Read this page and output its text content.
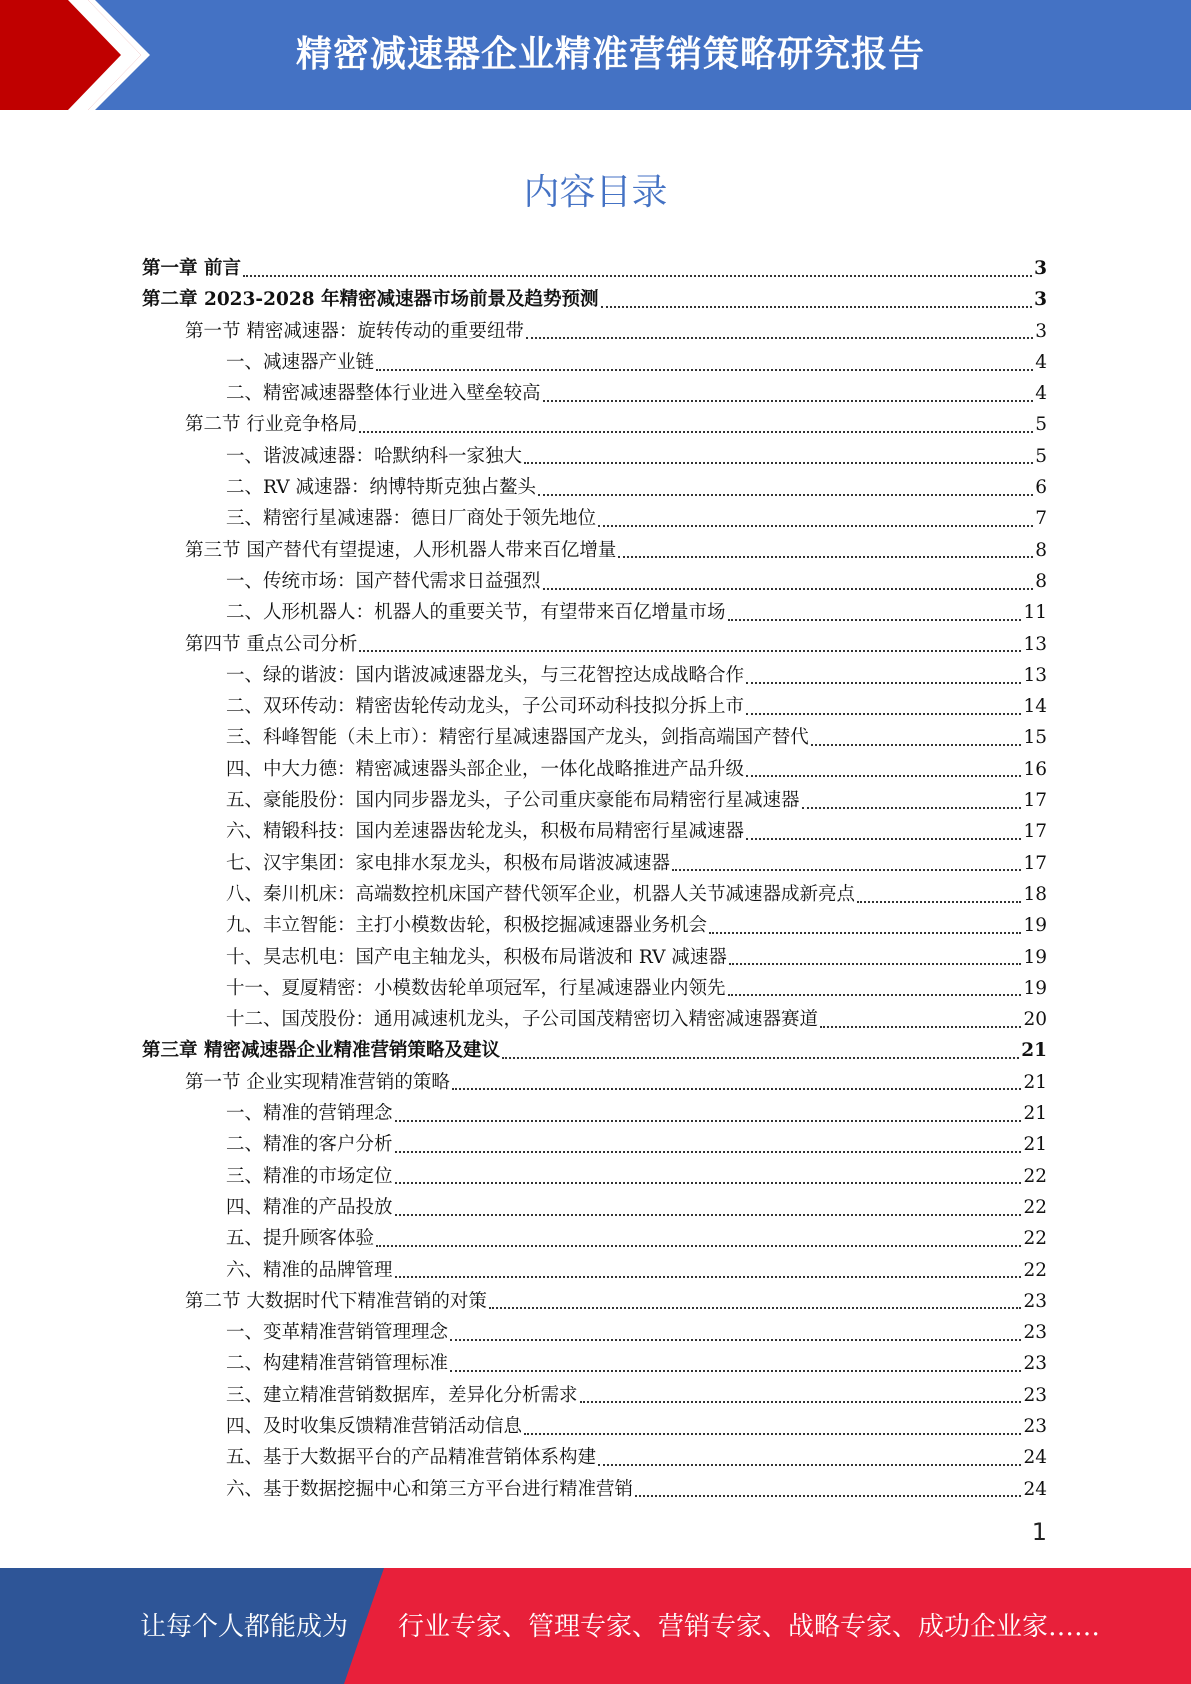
精密减速器企业精准营销策略研究报告
内容目录
第一章 前言	3
第二章 2023-2028 年精密减速器市场前景及趋势预测	3
第一节 精密减速器：旋转传动的重要纽带	3
一、减速器产业链	4
二、精密减速器整体行业进入壁垒较高	4
第二节 行业竞争格局	5
一、谐波减速器：哈默纳科一家独大	5
二、RV 减速器：纳博特斯克独占鳌头	6
三、精密行星减速器：德日厂商处于领先地位	7
第三节 国产替代有望提速，人形机器人带来百亿增量	8
一、传统市场：国产替代需求日益强烈	8
二、人形机器人：机器人的重要关节，有望带来百亿增量市场	11
第四节 重点公司分析	13
一、绿的谐波：国内谐波减速器龙头，与三花智控达成战略合作	13
二、双环传动：精密齿轮传动龙头，子公司环动科技拟分拆上市	14
三、科峰智能（未上市）：精密行星减速器国产龙头，剑指高端国产替代	15
四、中大力德：精密减速器头部企业，一体化战略推进产品升级	16
五、豪能股份：国内同步器龙头，子公司重庆豪能布局精密行星减速器	17
六、精锻科技：国内差速器齿轮龙头，积极布局精密行星减速器	17
七、汉宇集团：家电排水泵龙头，积极布局谐波减速器	17
八、秦川机床：高端数控机床国产替代领军企业，机器人关节减速器成新亮点	18
九、丰立智能：主打小模数齿轮，积极挖掘减速器业务机会	19
十、昊志机电：国产电主轴龙头，积极布局谐波和 RV 减速器	19
十一、夏厦精密：小模数齿轮单项冠军，行星减速器业内领先	19
十二、国茂股份：通用减速机龙头，子公司国茂精密切入精密减速器赛道	20
第三章 精密减速器企业精准营销策略及建议	21
第一节 企业实现精准营销的策略	21
一、精准的营销理念	21
二、精准的客户分析	21
三、精准的市场定位	22
四、精准的产品投放	22
五、提升顾客体验	22
六、精准的品牌管理	22
第二节 大数据时代下精准营销的对策	23
一、变革精准营销管理理念	23
二、构建精准营销管理标准	23
三、建立精准营销数据库，差异化分析需求	23
四、及时收集反馈精准营销活动信息	23
五、基于大数据平台的产品精准营销体系构建	24
六、基于数据挖掘中心和第三方平台进行精准营销	24
1
让每个人都能成为 行业专家、管理专家、营销专家、战略专家、成功企业家……
